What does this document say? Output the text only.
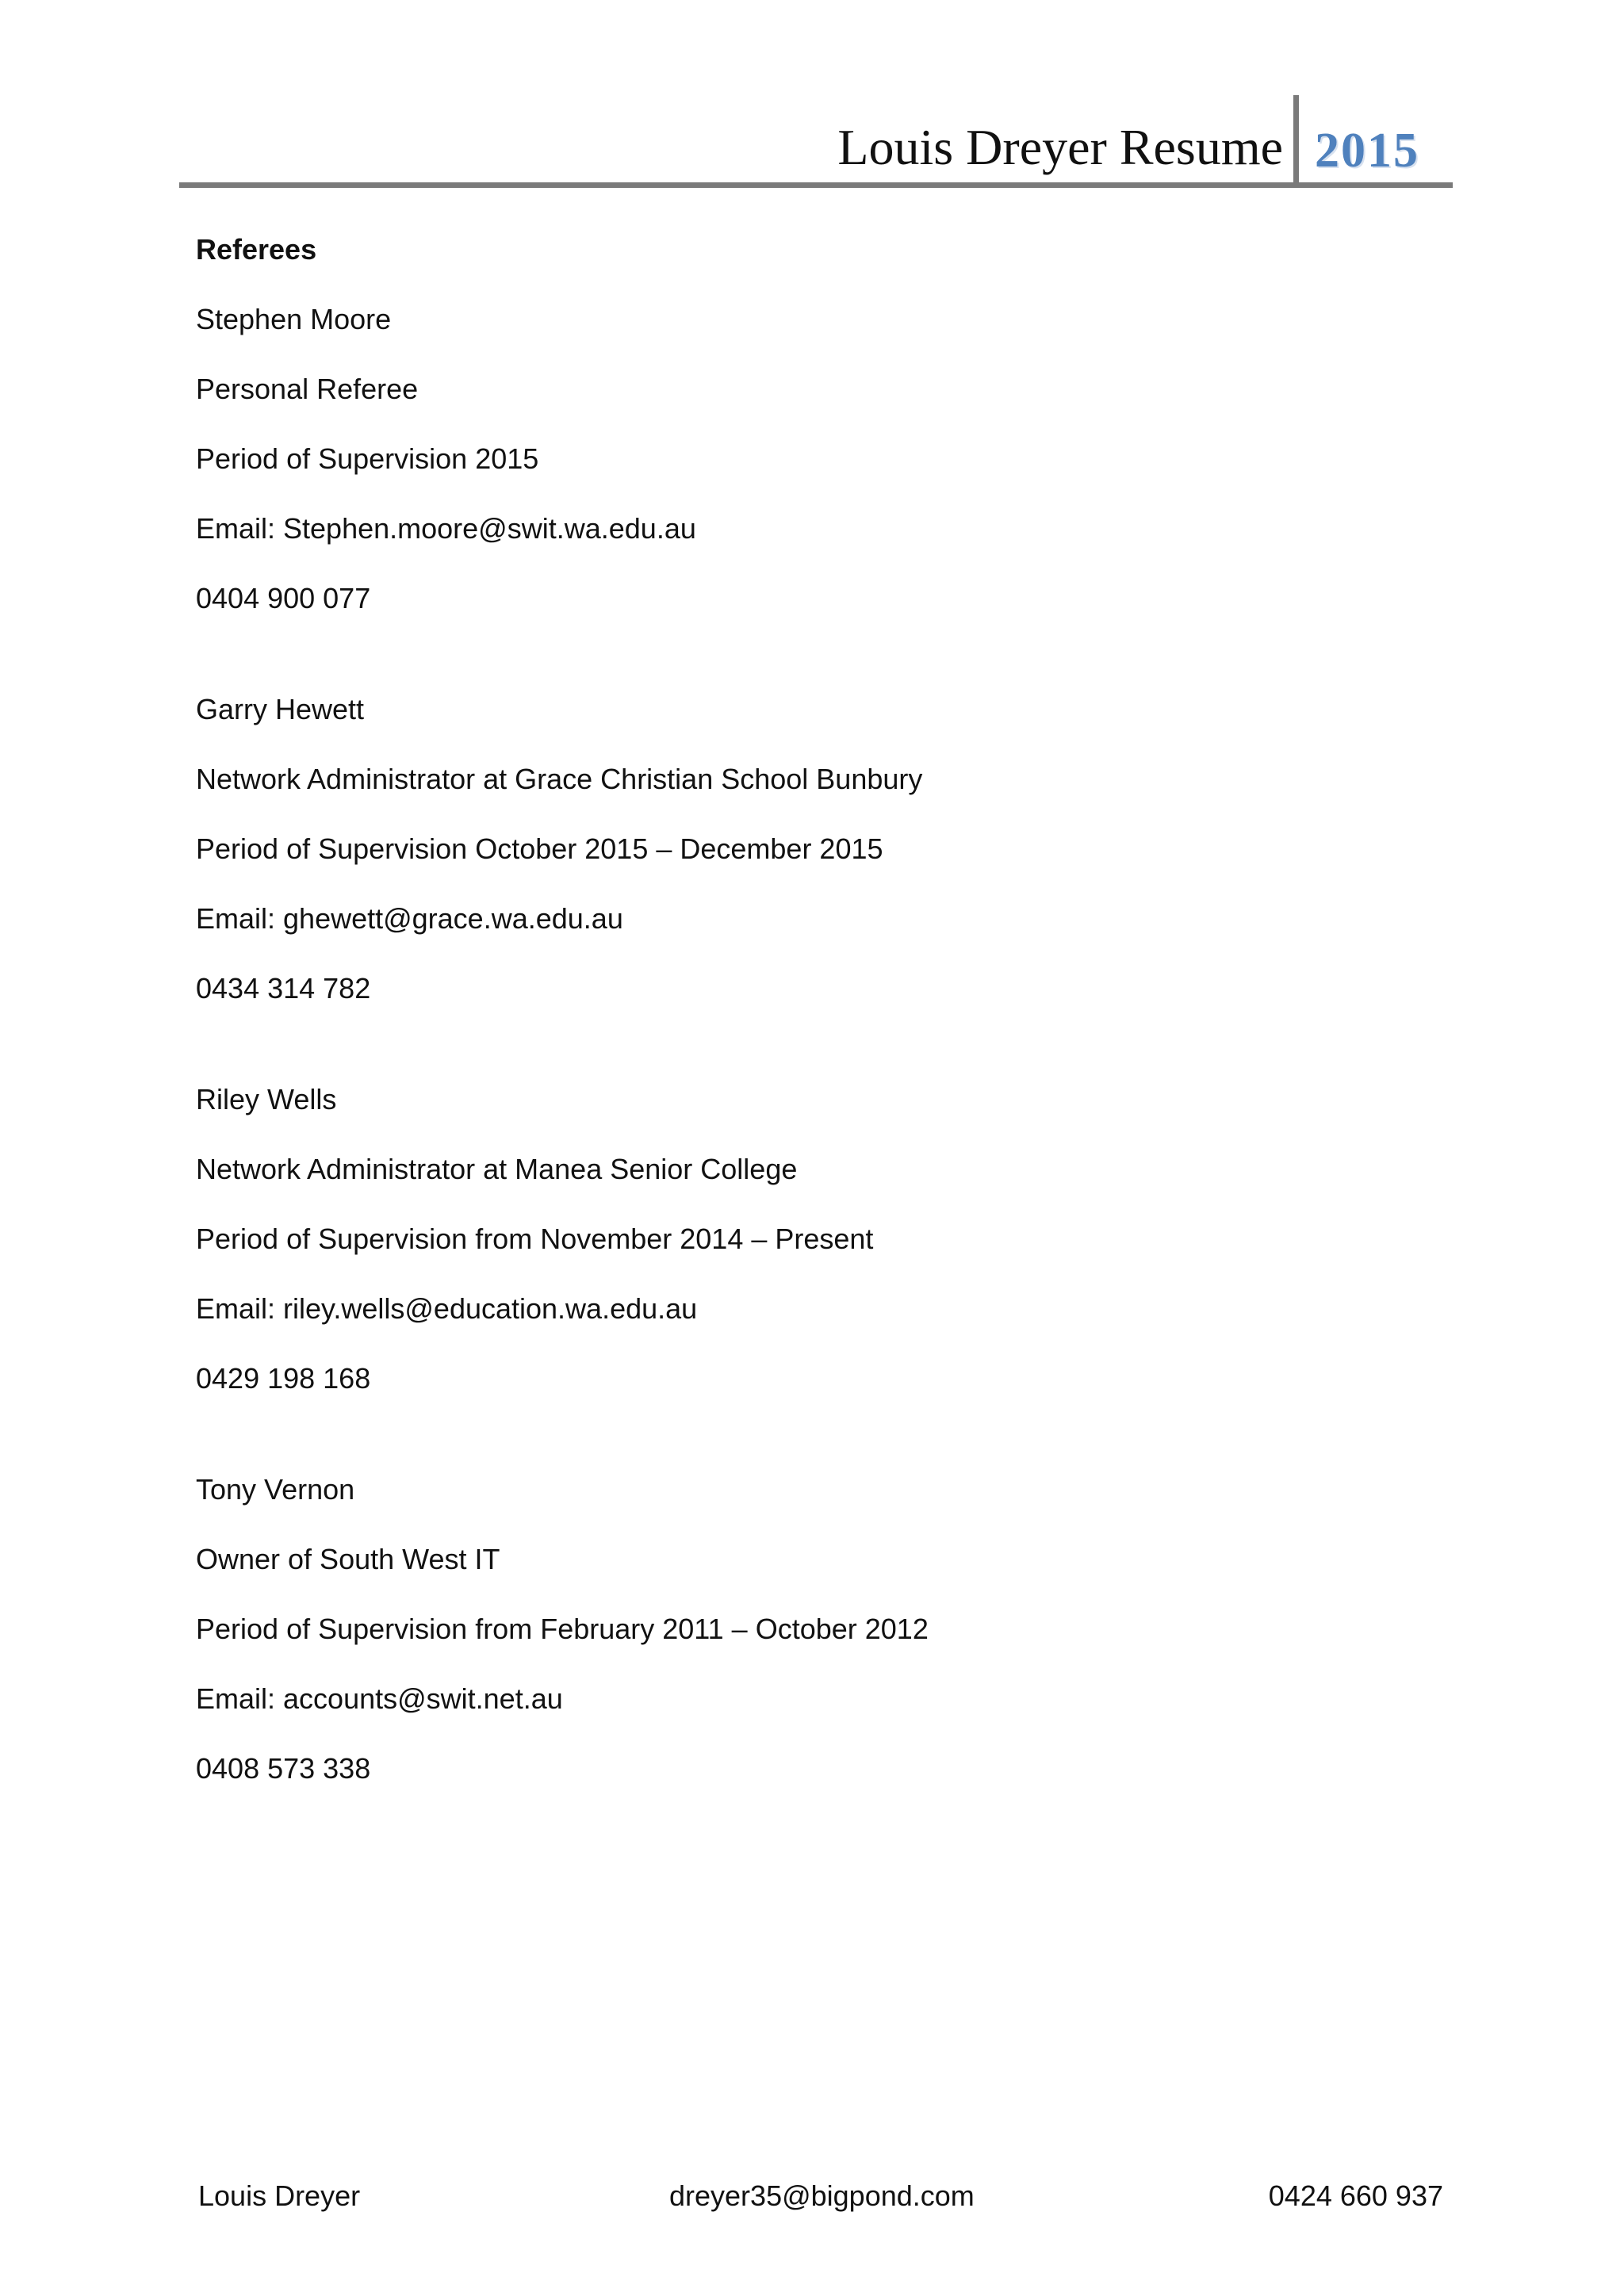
Louis Dreyer Resume 2015
Referees
Stephen Moore
Personal Referee
Period of Supervision 2015
Email: Stephen.moore@swit.wa.edu.au
0404 900 077
Garry Hewett
Network Administrator at Grace Christian School Bunbury
Period of Supervision October 2015 – December 2015
Email: ghewett@grace.wa.edu.au
0434 314 782
Riley Wells
Network Administrator at Manea Senior College
Period of Supervision from November 2014 – Present
Email: riley.wells@education.wa.edu.au
0429 198 168
Tony Vernon
Owner of South West IT
Period of Supervision from February 2011 – October 2012
Email: accounts@swit.net.au
0408 573 338
Louis Dreyer	dreyer35@bigpond.com	0424 660 937
